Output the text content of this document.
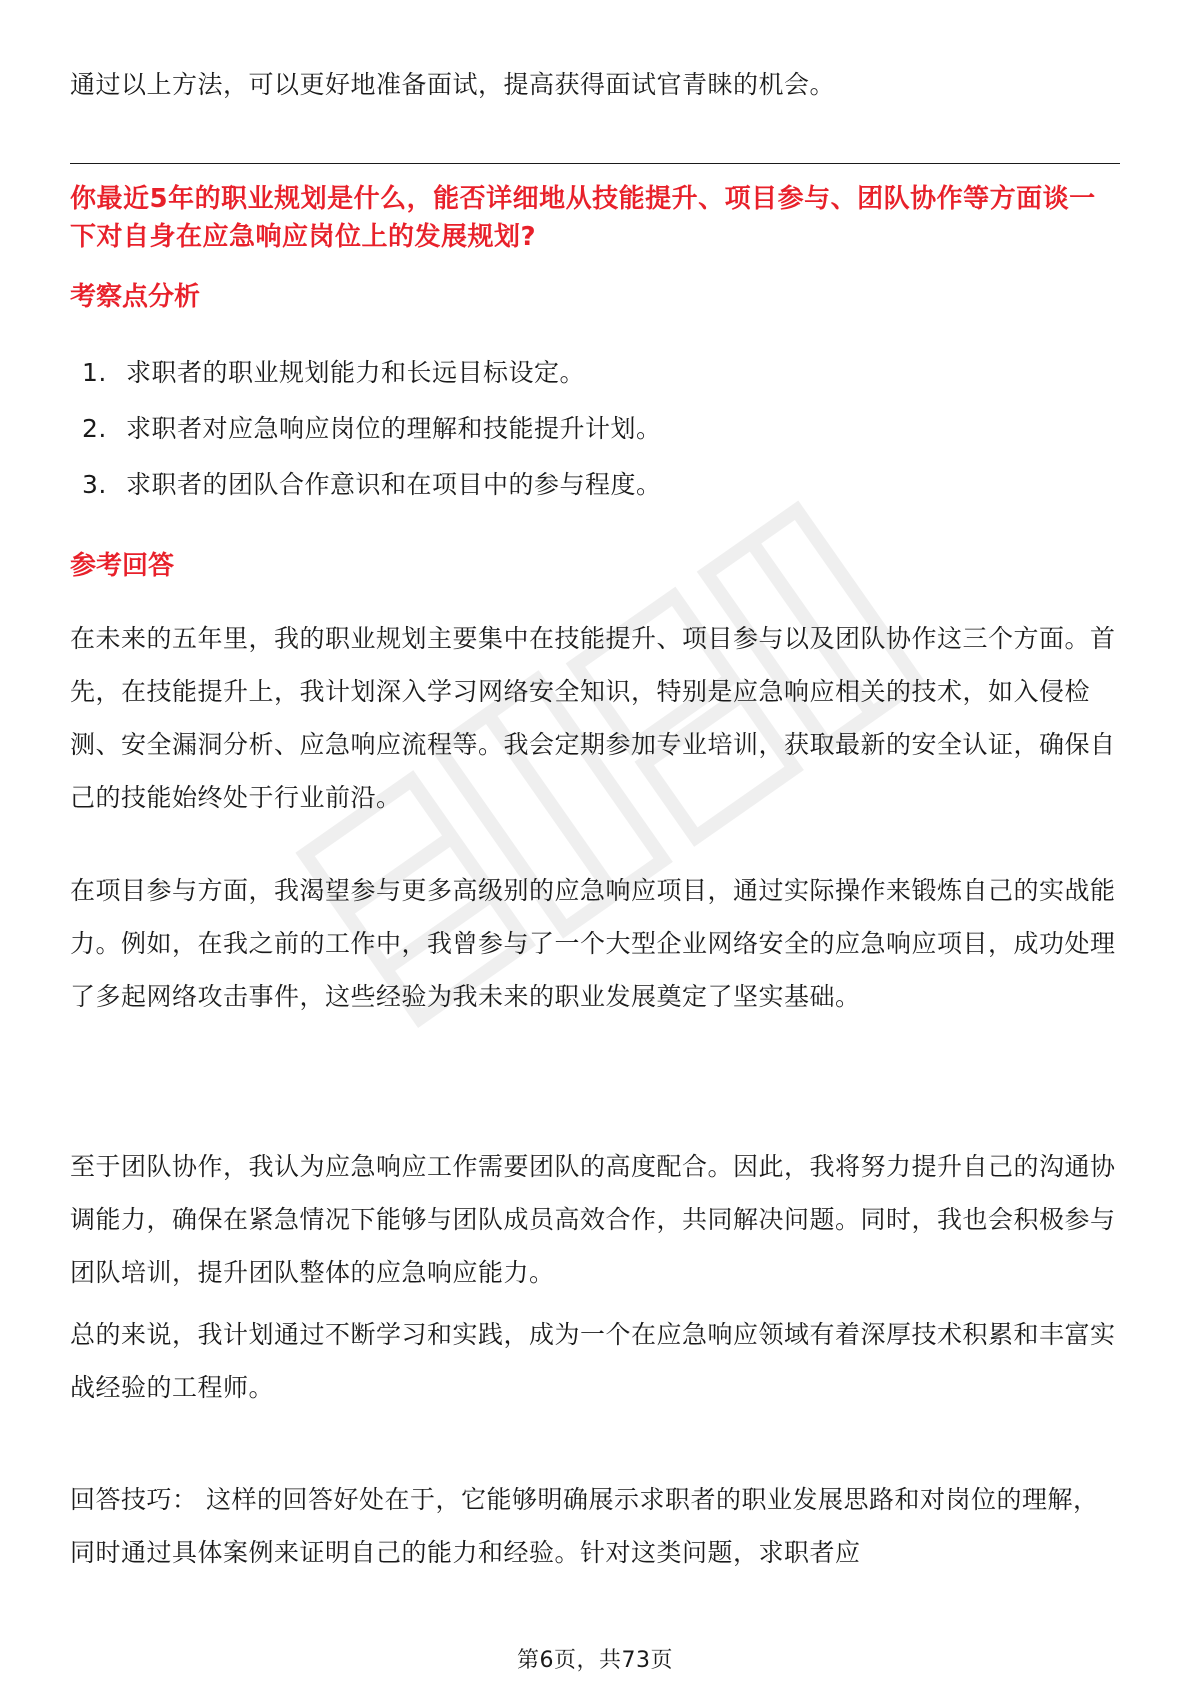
通过以上方法，可以更好地准备面试，提高获得面试官青睐的机会。

你最近5年的职业规划是什么，能否详细地从技能提升、项目参与、团队协作等方面谈一下对自身在应急响应岗位上的发展规划?
考察点分析
1. 求职者的职业规划能力和长远目标设定。
2. 求职者对应急响应岗位的理解和技能提升计划。
3. 求职者的团队合作意识和在项目中的参与程度。
参考回答

在未来的五年里，我的职业规划主要集中在技能提升、项目参与以及团队协作这三个方面。首先，在技能提升上，我计划深入学习网络安全知识，特别是应急响应相关的技术，如入侵检测、安全漏洞分析、应急响应流程等。我会定期参加专业培训，获取最新的安全认证，确保自己的技能始终处于行业前沿。

在项目参与方面，我渴望参与更多高级别的应急响应项目，通过实际操作来锻炼自己的实战能力。例如，在我之前的工作中，我曾参与了一个大型企业网络安全的应急响应项目，成功处理了多起网络攻击事件，这些经验为我未来的职业发展奠定了坚实基础。

至于团队协作，我认为应急响应工作需要团队的高度配合。因此，我将努力提升自己的沟通协调能力，确保在紧急情况下能够与团队成员高效合作，共同解决问题。同时，我也会积极参与团队培训，提升团队整体的应急响应能力。

总的来说，我计划通过不断学习和实践，成为一个在应急响应领域有着深厚技术积累和丰富实战经验的工程师。

回答技巧： 这样的回答好处在于，它能够明确展示求职者的职业发展思路和对岗位的理解，同时通过具体案例来证明自己的能力和经验。针对这类问题，求职者应

第6页，共73页
